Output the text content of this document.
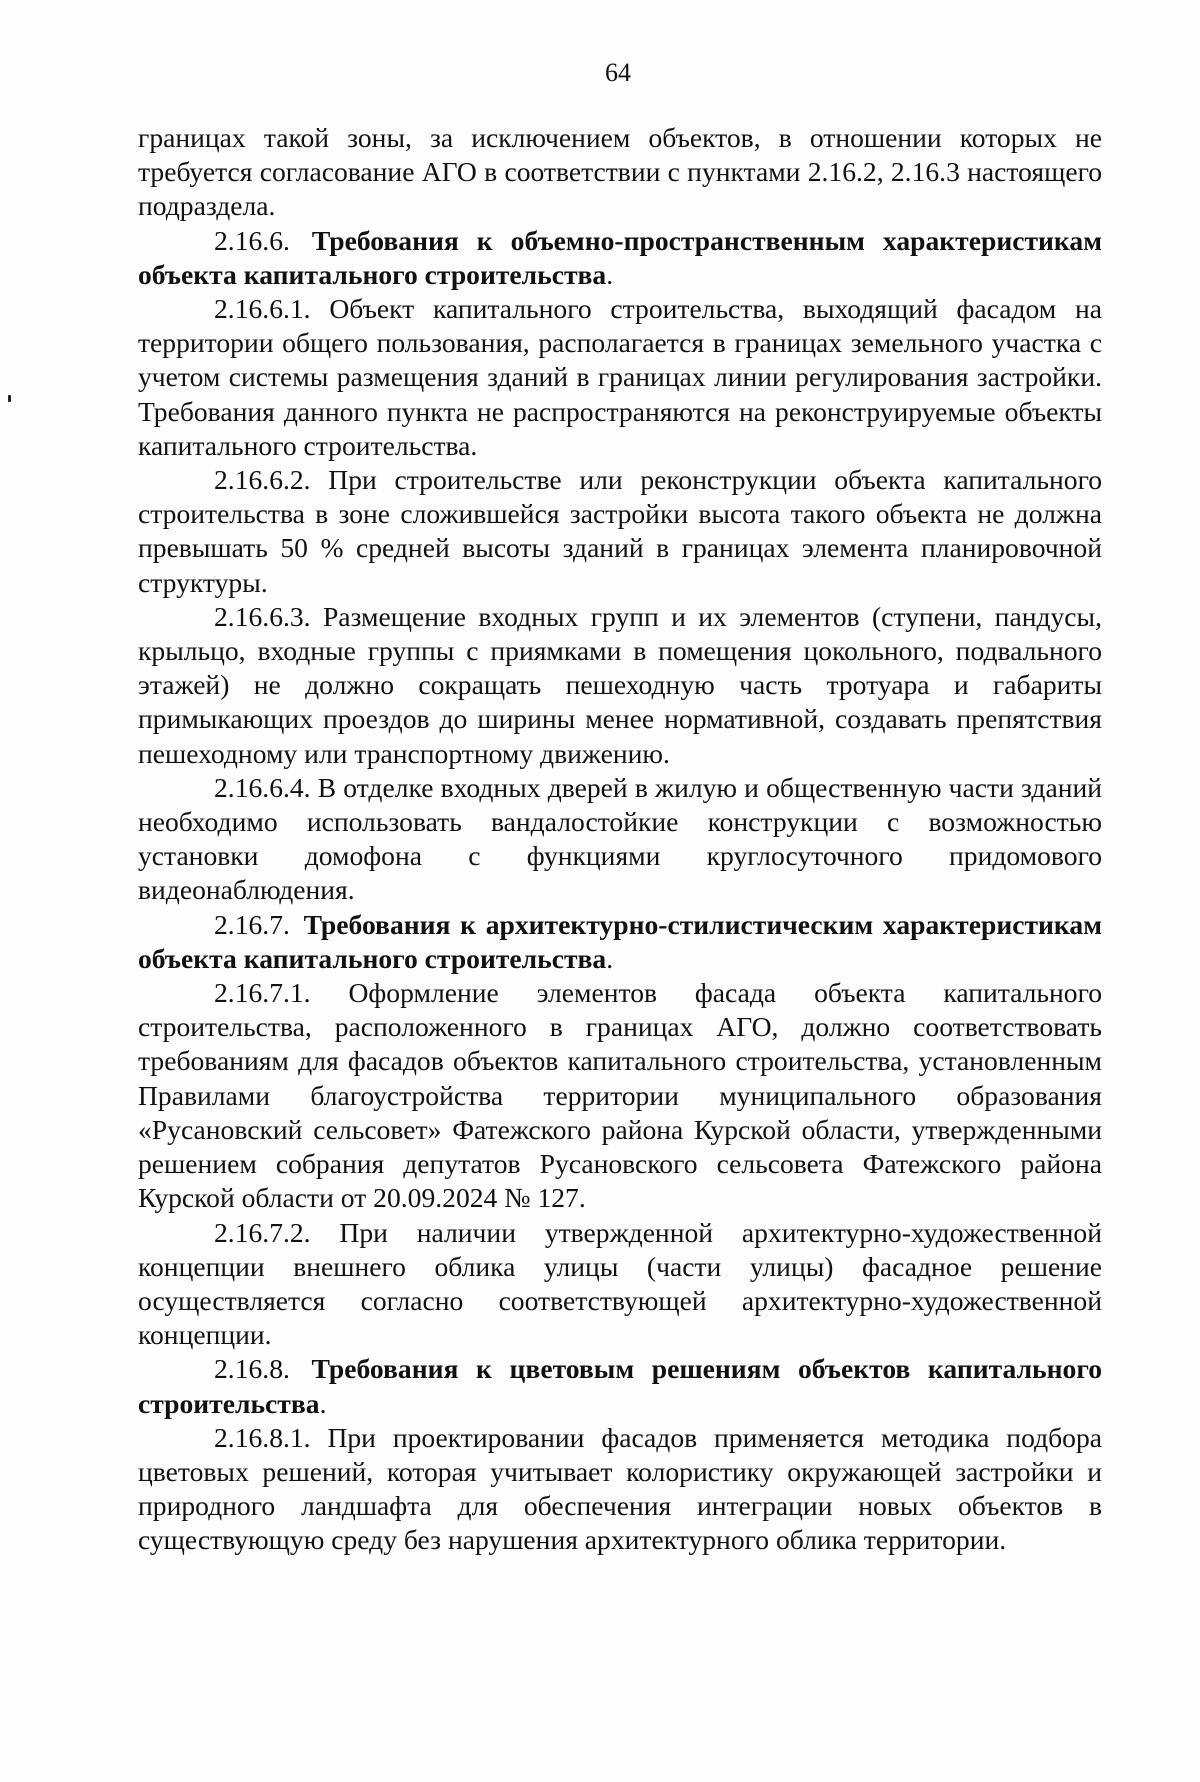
64

границах такой зоны, за исключением объектов, в отношении которых не требуется согласование АГО в соответствии с пунктами 2.16.2, 2.16.3 настоящего подраздела.

2.16.6. Требования к объемно-пространственным характеристикам объекта капитального строительства.

2.16.6.1. Объект капитального строительства, выходящий фасадом на территории общего пользования, располагается в границах земельного участка с учетом системы размещения зданий в границах линии регулирования застройки. Требования данного пункта не распространяются на реконструируемые объекты капитального строительства.

2.16.6.2. При строительстве или реконструкции объекта капитального строительства в зоне сложившейся застройки высота такого объекта не должна превышать 50 % средней высоты зданий в границах элемента планировочной структуры.

2.16.6.3. Размещение входных групп и их элементов (ступени, пандусы, крыльцо, входные группы с приямками в помещения цокольного, подвального этажей) не должно сокращать пешеходную часть тротуара и габариты примыкающих проездов до ширины менее нормативной, создавать препятствия пешеходному или транспортному движению.

2.16.6.4. В отделке входных дверей в жилую и общественную части зданий необходимо использовать вандалостойкие конструкции с возможностью установки домофона с функциями круглосуточного придомового видеонаблюдения.

2.16.7. Требования к архитектурно-стилистическим характеристикам объекта капитального строительства.

2.16.7.1. Оформление элементов фасада объекта капитального строительства, расположенного в границах АГО, должно соответствовать требованиям для фасадов объектов капитального строительства, установленным Правилами благоустройства территории муниципального образования «Русановский сельсовет» Фатежского района Курской области, утвержденными решением собрания депутатов Русановского сельсовета Фатежского района Курской области от 20.09.2024 № 127.

2.16.7.2. При наличии утвержденной архитектурно-художественной концепции внешнего облика улицы (части улицы) фасадное решение осуществляется согласно соответствующей архитектурно-художественной концепции.

2.16.8. Требования к цветовым решениям объектов капитального строительства.

2.16.8.1. При проектировании фасадов применяется методика подбора цветовых решений, которая учитывает колористику окружающей застройки и природного ландшафта для обеспечения интеграции новых объектов в существующую среду без нарушения архитектурного облика территории.
